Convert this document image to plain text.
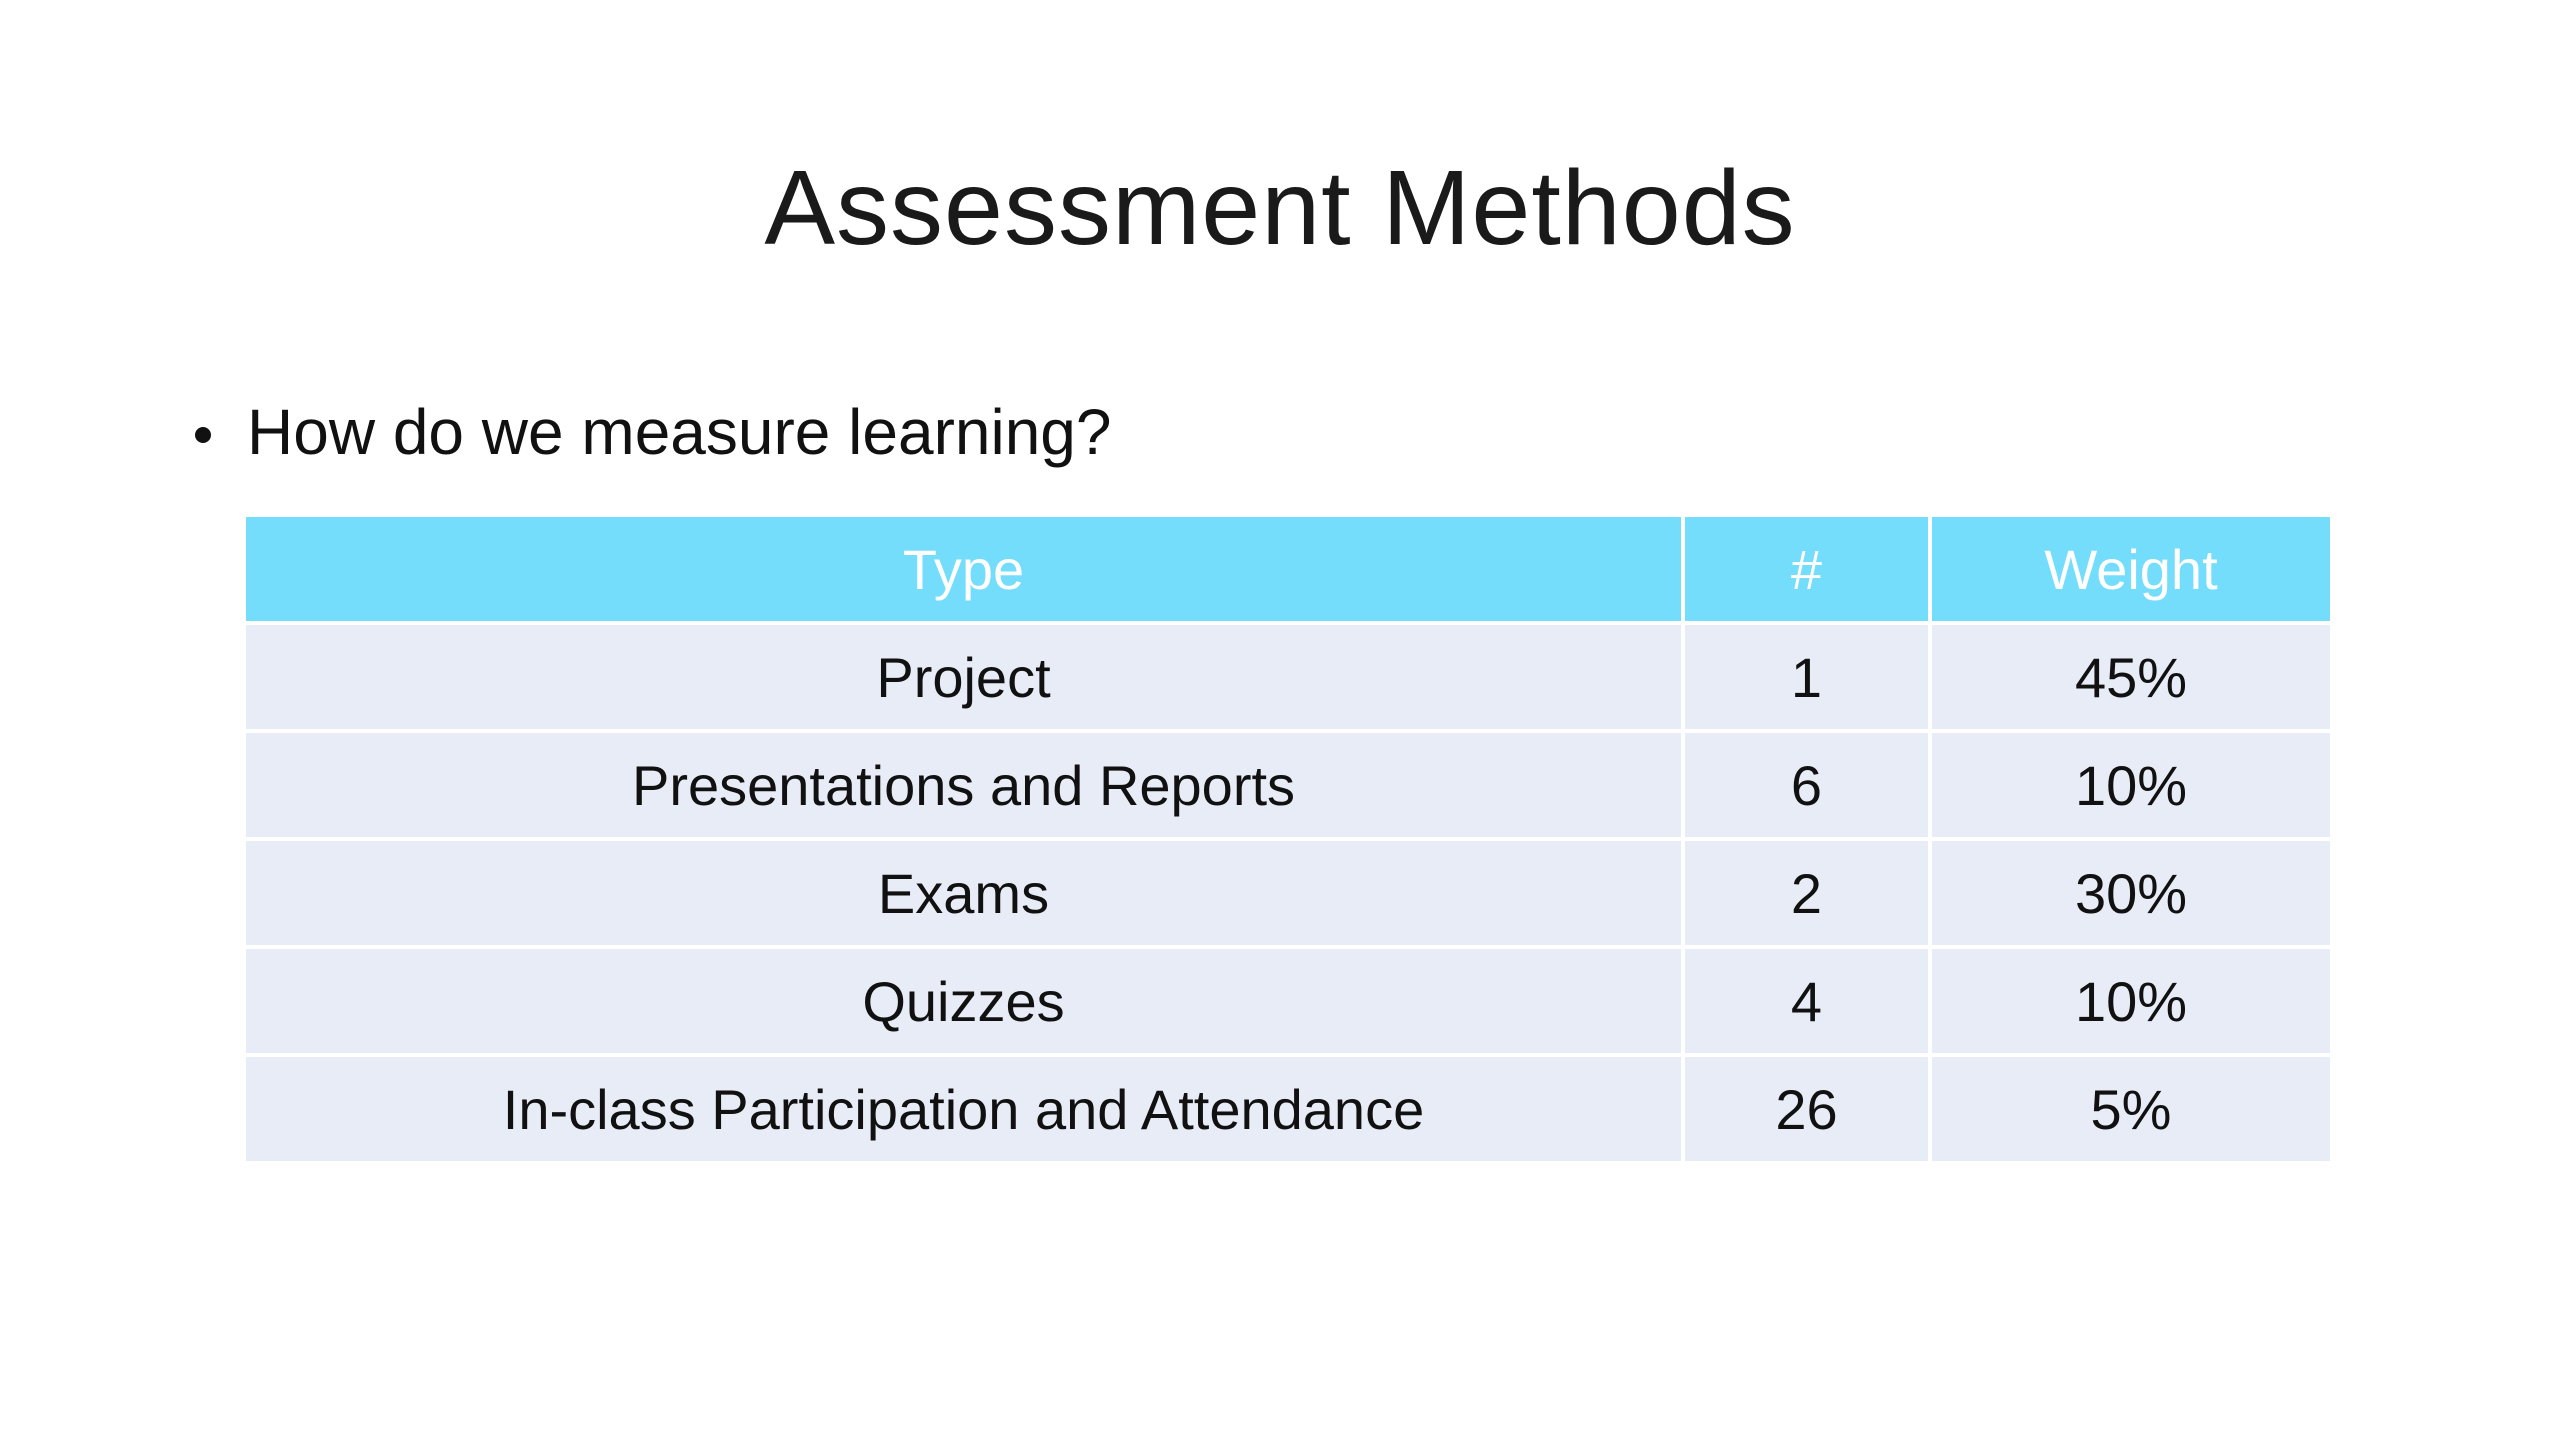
Assessment Methods
How do we measure learning?
Type	#	Weight
Project	1	45%
Presentations and Reports	6	10%
Exams	2	30%
Quizzes	4	10%
In-class Participation and Attendance	26	5%
